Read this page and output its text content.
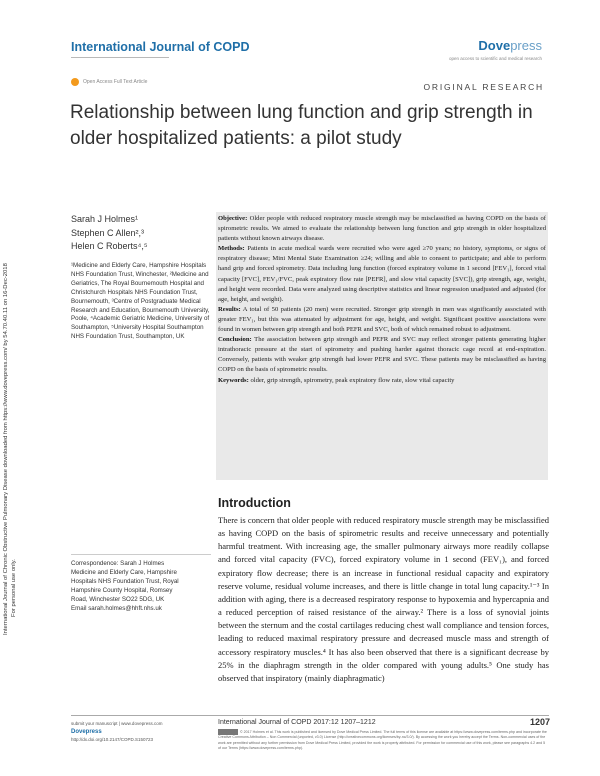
International Journal of COPD	Dovepress
open access to scientific and medical research
Open Access Full Text Article	ORIGINAL RESEARCH
International Journal of Chronic Obstructive Pulmonary Disease downloaded from https://www.dovepress.com/ by 54.70.40.11 on 16-Dec-2018 For personal use only.
Relationship between lung function and grip strength in older hospitalized patients: a pilot study
Sarah J Holmes¹
Stephen C Allen²,³
Helen C Roberts⁴,⁵
¹Medicine and Elderly Care, Hampshire Hospitals NHS Foundation Trust, Winchester, ²Medicine and Geriatrics, The Royal Bournemouth Hospital and Christchurch Hospitals NHS Foundation Trust, Bournemouth, ³Centre of Postgraduate Medical Research and Education, Bournemouth University, Poole, ⁴Academic Geriatric Medicine, University of Southampton, ⁵University Hospital Southampton NHS Foundation Trust, Southampton, UK
Correspondence: Sarah J Holmes
Medicine and Elderly Care, Hampshire
Hospitals NHS Foundation Trust, Royal
Hampshire County Hospital, Romsey
Road, Winchester SO22 5DG, UK
Email sarah.holmes@hhft.nhs.uk
Objective: Older people with reduced respiratory muscle strength may be misclassified as having COPD on the basis of spirometric results. We aimed to evaluate the relationship between lung function and grip strength in older hospitalized patients without known airways disease.
Methods: Patients in acute medical wards were recruited who were aged ≥70 years; no history, symptoms, or signs of respiratory disease; Mini Mental State Examination ≥24; willing and able to consent to participate; and able to perform hand grip and forced spirometry. Data including lung function (forced expiratory volume in 1 second [FEV₁], forced vital capacity [FVC], FEV₁/FVC, peak expiratory flow rate [PEFR], and slow vital capacity [SVC]), grip strength, age, weight, and height were recorded. Data were analyzed using descriptive statistics and linear regression unadjusted and adjusted (for age, height, and weight).
Results: A total of 50 patients (20 men) were recruited. Stronger grip strength in men was significantly associated with greater FEV₁, but this was attenuated by adjustment for age, height, and weight. Significant positive associations were found in women between grip strength and both PEFR and SVC, both of which remained robust to adjustment.
Conclusion: The association between grip strength and PEFR and SVC may reflect stronger patients generating higher intrathoracic pressure at the start of spirometry and pushing harder against thoracic cage recoil at end-expiration. Conversely, patients with weaker grip strength had lower PEFR and SVC. These patients may be misclassified as having COPD on the basis of spirometric results.
Keywords: older, grip strength, spirometry, peak expiratory flow rate, slow vital capacity
Introduction
There is concern that older people with reduced respiratory muscle strength may be misclassified as having COPD on the basis of spirometric results and receive unnecessary and potentially harmful treatment. With increasing age, the smaller pulmonary airways more readily collapse and forced vital capacity (FVC), forced expiratory volume in 1 second (FEV₁), and forced expiratory flow decrease; there is an increase in functional residual capacity and expiratory reserve volume, residual volume increases, and there is little change in total lung capacity.¹⁻³ In addition with aging, there is a decreased respiratory response to hypoxemia and hypercapnia and a reduced perception of raised resistance of the airway.² There is a loss of synovial joints between the sternum and the costal cartilages reducing chest wall compliance and tension forces, leading to reduced maximal respiratory pressure and decreased muscle mass and strength of accessory respiratory muscles.⁴ It has also been observed that there is a significant decrease by 25% in the diaphragm strength in the older compared with young adults.⁵ One study has observed that inspiratory (mainly diaphragmatic)
submit your manuscript | www.dovepress.com
Dovepress
http://dx.doi.org/10.2147/COPD.S150723
International Journal of COPD 2017:12 1207–1212	1207
© 2017 Holmes et al. This work is published and licensed by Dove Medical Press Limited. The full terms of this license are available at https://www.dovepress.com/terms.php and incorporate the Creative Commons Attribution – Non Commercial (unported, v3.0) License (http://creativecommons.org/licenses/by-nc/3.0/). By accessing the work you hereby accept the Terms. Non-commercial uses of the work are permitted without any further permission from Dove Medical Press Limited, provided the work is properly attributed. For permission for commercial use of this work, please see paragraphs 4.2 and 5 of our Terms (https://www.dovepress.com/terms.php).
